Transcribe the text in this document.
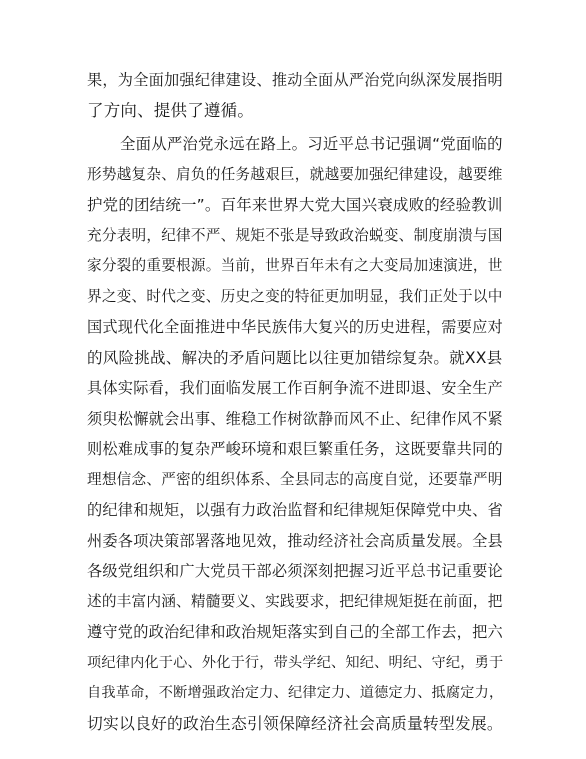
果，为全面加强纪律建设、推动全面从严治党向纵深发展指明
了方向、提供了遵循。
全面从严治党永远在路上。习近平总书记强调“党面临的
形势越复杂、肩负的任务越艰巨，就越要加强纪律建设，越要维
护党的团结统一”。百年来世界大党大国兴衰成败的经验教训
充分表明，纪律不严、规矩不张是导致政治蜕变、制度崩溃与国
家分裂的重要根源。当前，世界百年未有之大变局加速演进，世
界之变、时代之变、历史之变的特征更加明显，我们正处于以中
国式现代化全面推进中华民族伟大复兴的历史进程，需要应对
的风险挑战、解决的矛盾问题比以往更加错综复杂。就XX县
具体实际看，我们面临发展工作百舸争流不进即退、安全生产
须臾松懈就会出事、维稳工作树欲静而风不止、纪律作风不紧
则松难成事的复杂严峻环境和艰巨繁重任务，这既要靠共同的
理想信念、严密的组织体系、全县同志的高度自觉，还要靠严明
的纪律和规矩，以强有力政治监督和纪律规矩保障党中央、省
州委各项决策部署落地见效，推动经济社会高质量发展。全县
各级党组织和广大党员干部必须深刻把握习近平总书记重要论
述的丰富内涵、精髓要义、实践要求，把纪律规矩挺在前面，把
遵守党的政治纪律和政治规矩落实到自己的全部工作去，把六
项纪律内化于心、外化于行，带头学纪、知纪、明纪、守纪，勇于
自我革命，不断增强政治定力、纪律定力、道德定力、抵腐定力，
切实以良好的政治生态引领保障经济社会高质量转型发展。
